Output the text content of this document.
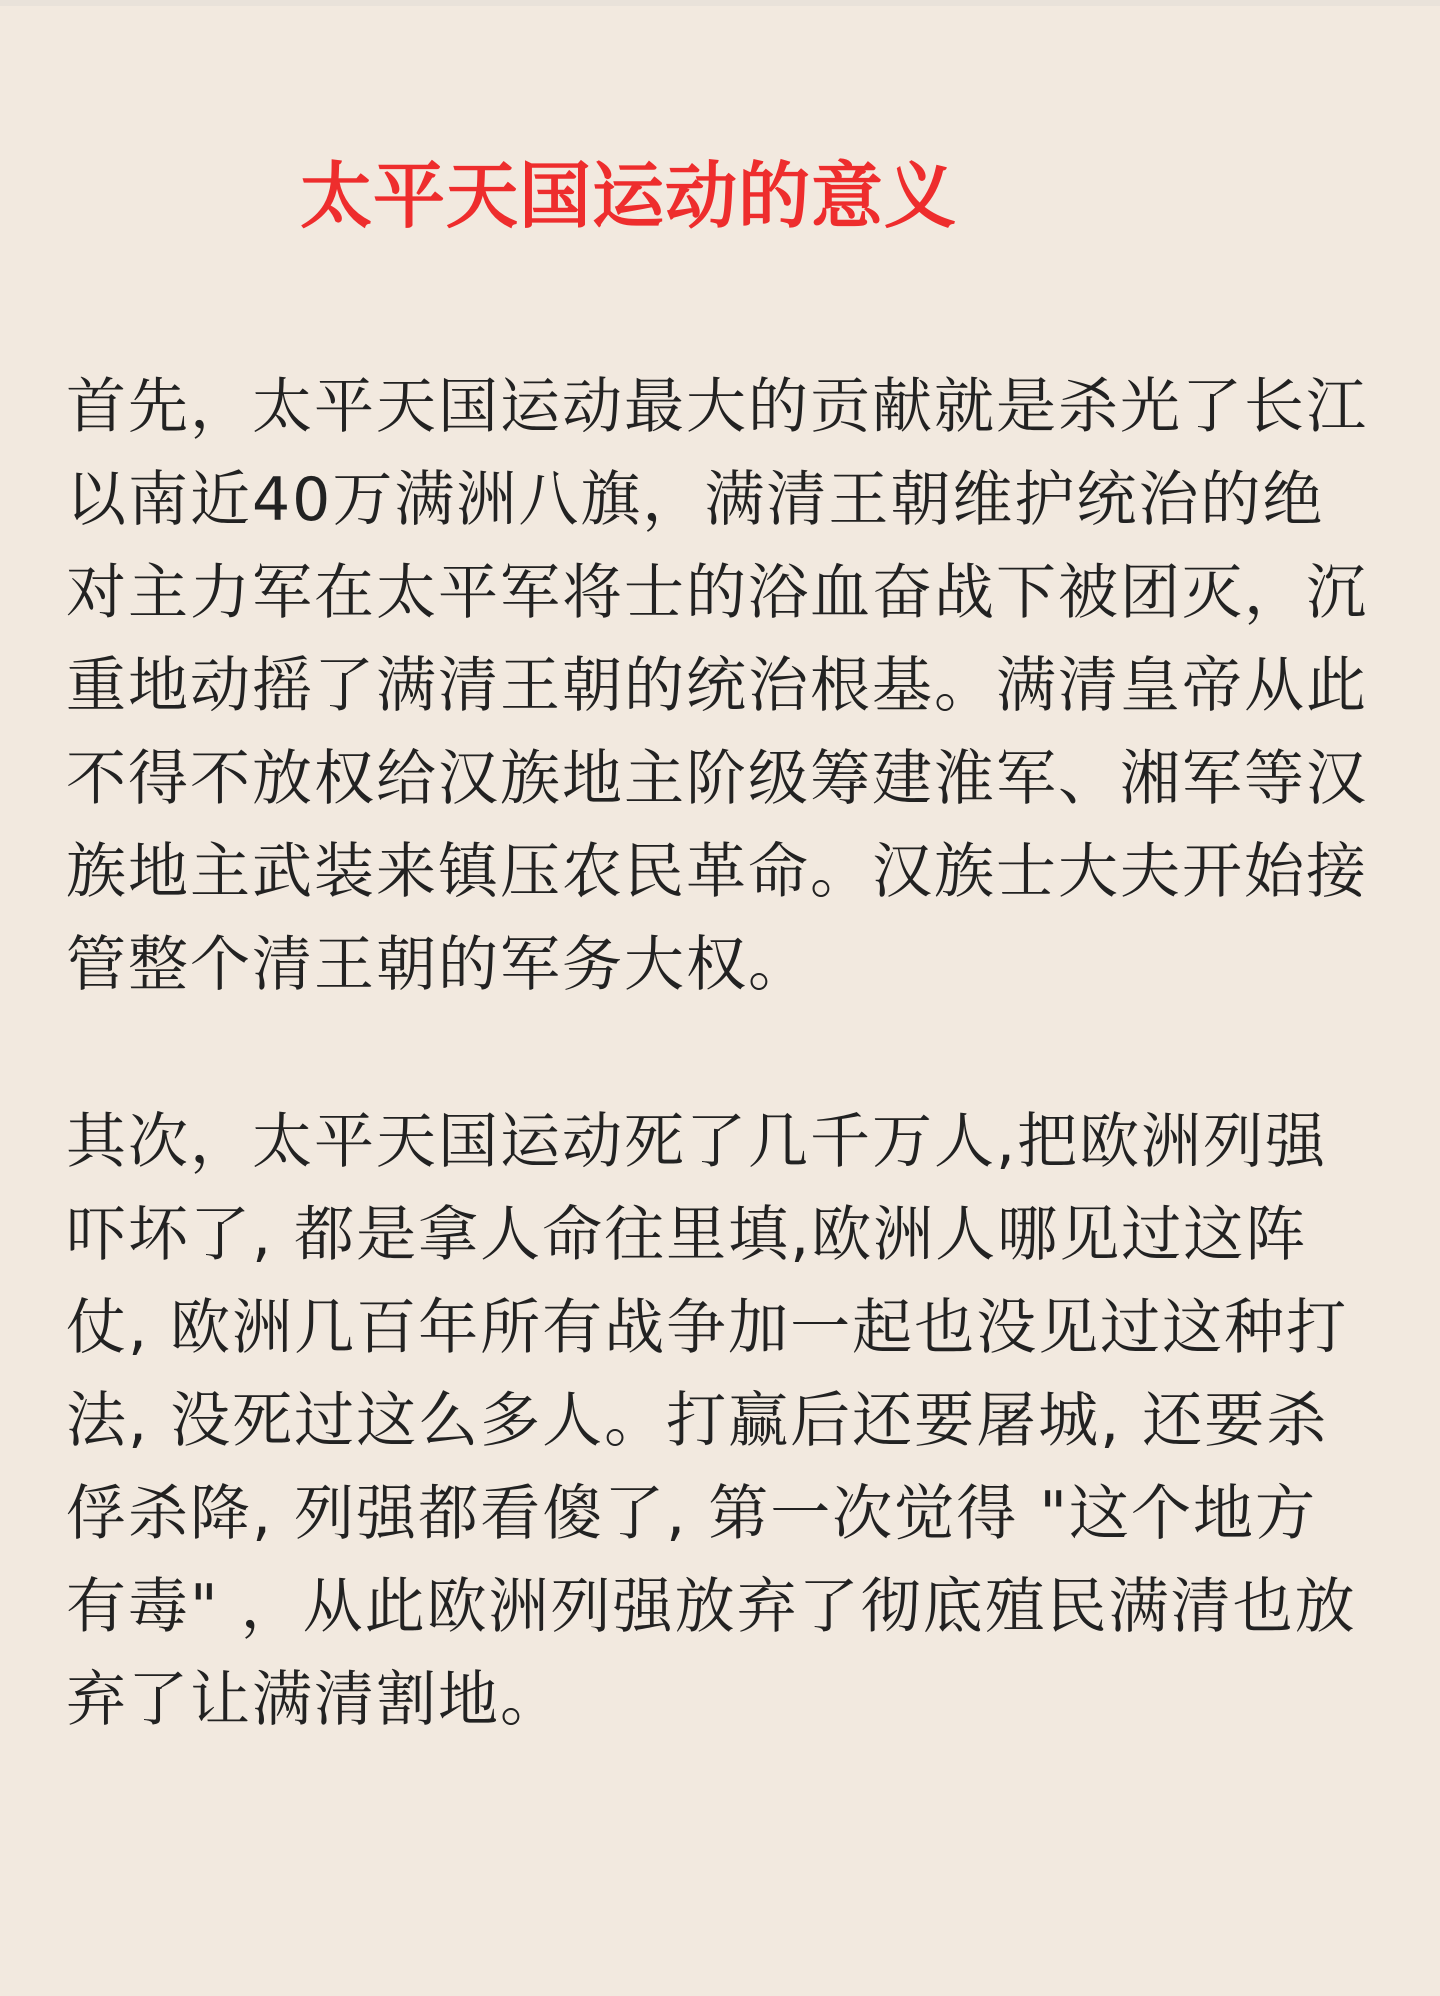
太平天国运动的意义

首先，太平天国运动最大的贡献就是杀光了长江以南近40万满洲八旗，满清王朝维护统治的绝对主力军在太平军将士的浴血奋战下被团灭，沉重地动摇了满清王朝的统治根基。满清皇帝从此不得不放权给汉族地主阶级筹建淮军、湘军等汉族地主武装来镇压农民革命。汉族士大夫开始接管整个清王朝的军务大权。

其次，太平天国运动死了几千万人,把欧洲列强吓坏了, 都是拿人命往里填,欧洲人哪见过这阵仗, 欧洲几百年所有战争加一起也没见过这种打法, 没死过这么多人。打赢后还要屠城, 还要杀俘杀降, 列强都看傻了, 第一次觉得 "这个地方有毒" ，从此欧洲列强放弃了彻底殖民满清也放弃了让满清割地。
